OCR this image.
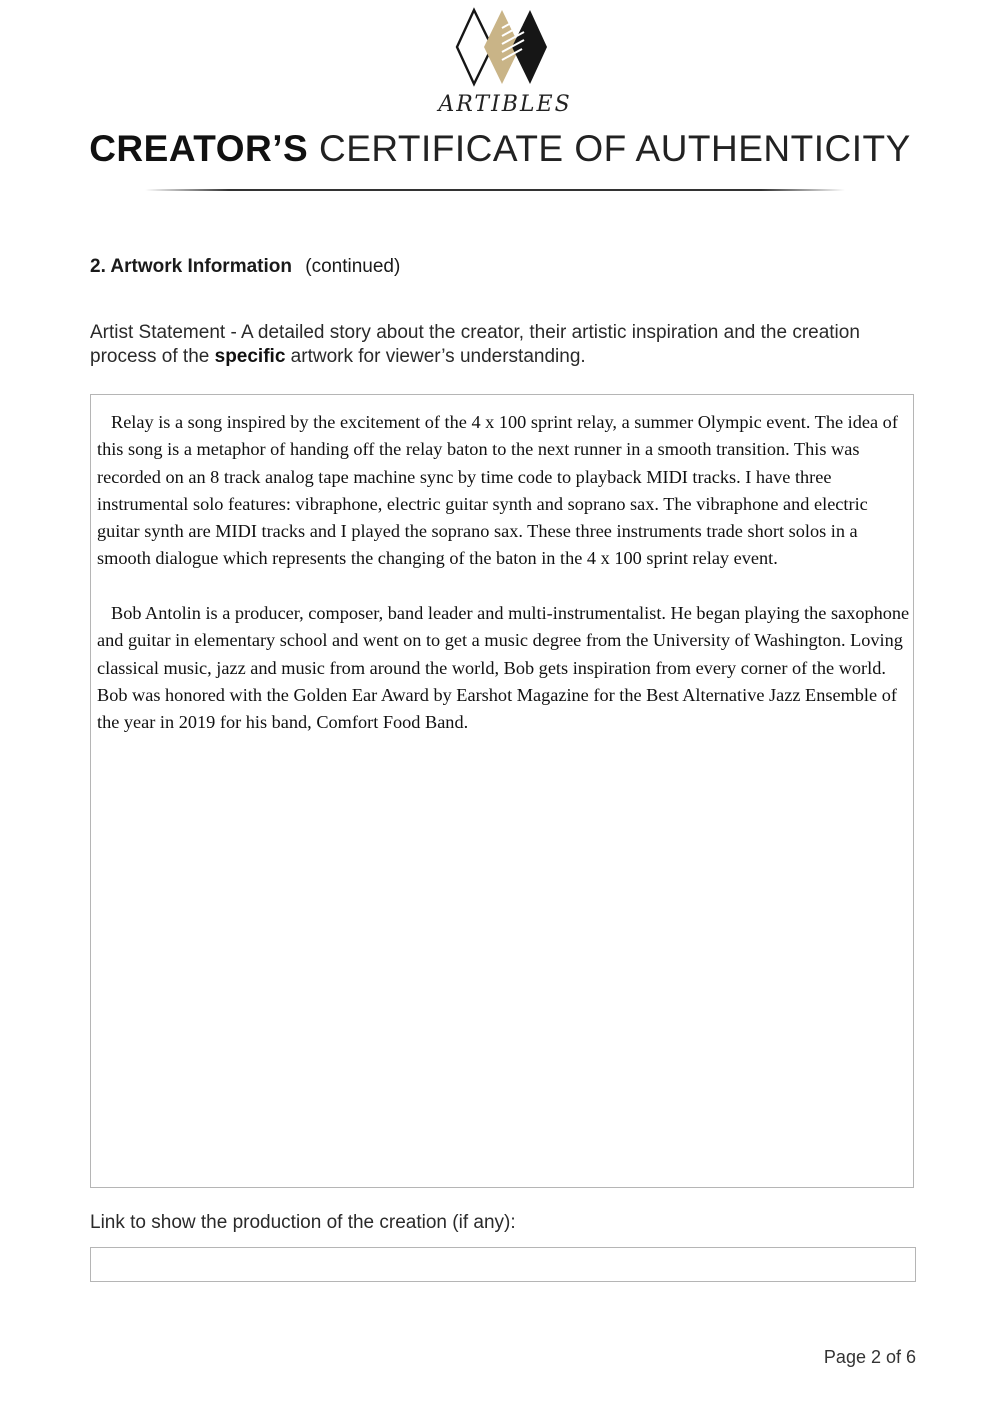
ARTIBLES
CREATOR’S CERTIFICATE OF AUTHENTICITY
2. Artwork Information (continued)
Artist Statement - A detailed story about the creator, their artistic inspiration and the creation process of the specific artwork for viewer’s understanding.

Relay is a song inspired by the excitement of the 4 x 100 sprint relay, a summer Olympic event. The idea of this song is a metaphor of handing off the relay baton to the next runner in a smooth transition. This was recorded on an 8 track analog tape machine sync by time code to playback MIDI tracks. I have three instrumental solo features: vibraphone, electric guitar synth and soprano sax. The vibraphone and electric guitar synth are MIDI tracks and I played the soprano sax. These three instruments trade short solos in a smooth dialogue which represents the changing of the baton in the 4 x 100 sprint relay event.

Bob Antolin is a producer, composer, band leader and multi-instrumentalist. He began playing the saxophone and guitar in elementary school and went on to get a music degree from the University of Washington. Loving classical music, jazz and music from around the world, Bob gets inspiration from every corner of the world. Bob was honored with the Golden Ear Award by Earshot Magazine for the Best Alternative Jazz Ensemble of the year in 2019 for his band, Comfort Food Band.

Link to show the production of the creation (if any):
Page 2 of 6
